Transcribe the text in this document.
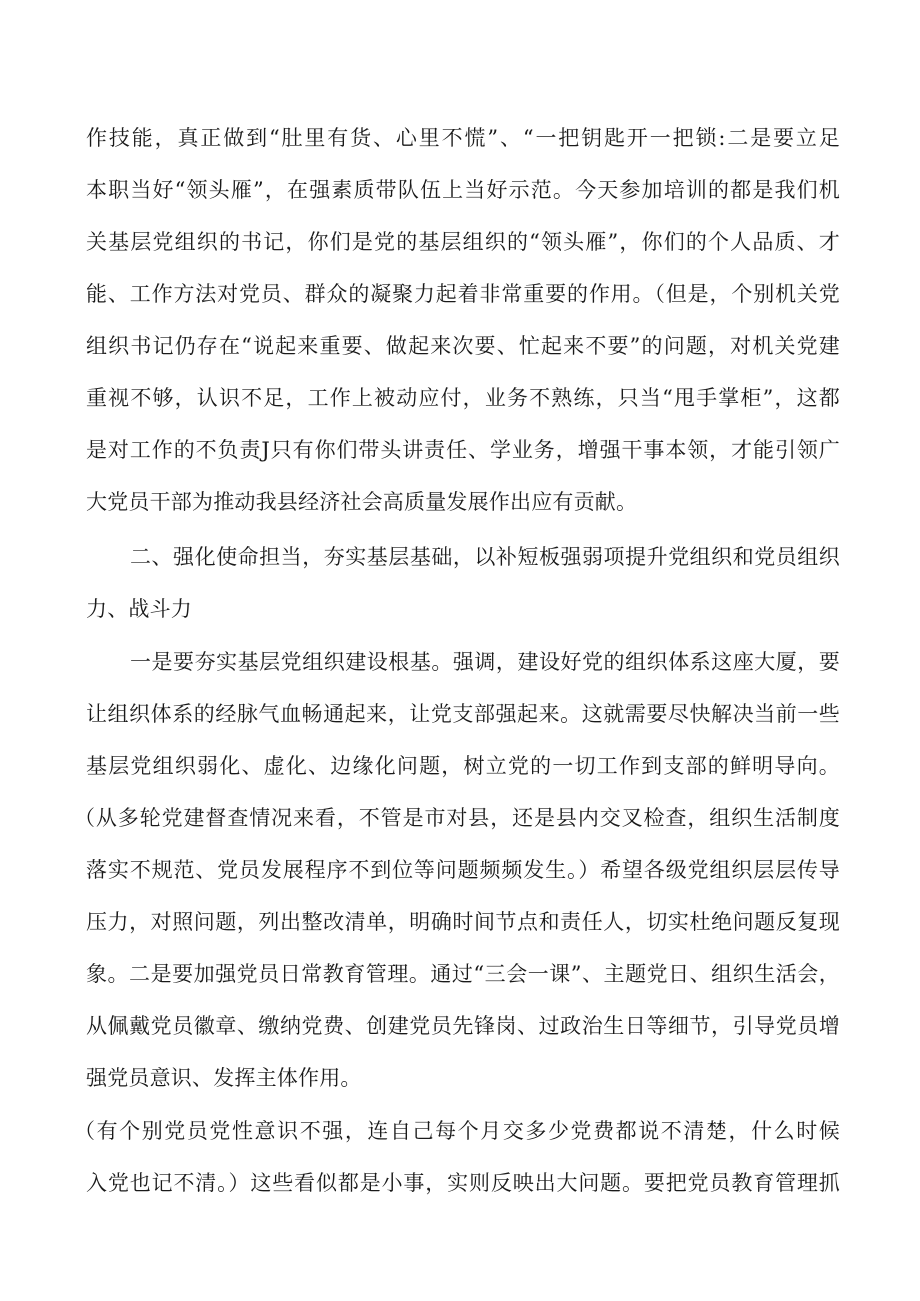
作技能，真正做到“肚里有货、心里不慌”、“一把钥匙开一把锁:二是要立足
本职当好“领头雁”，在强素质带队伍上当好示范。今天参加培训的都是我们机
关基层党组织的书记，你们是党的基层组织的“领头雁”，你们的个人品质、才
能、工作方法对党员、群众的凝聚力起着非常重要的作用。（但是，个别机关党
组织书记仍存在“说起来重要、做起来次要、忙起来不要”的问题，对机关党建
重视不够，认识不足，工作上被动应付，业务不熟练，只当“甩手掌柜”，这都
是对工作的不负责J只有你们带头讲责任、学业务，增强干事本领，才能引领广
大党员干部为推动我县经济社会高质量发展作出应有贡献。
二、强化使命担当，夯实基层基础，以补短板强弱项提升党组织和党员组织
力、战斗力
一是要夯实基层党组织建设根基。强调，建设好党的组织体系这座大厦，要
让组织体系的经脉气血畅通起来，让党支部强起来。这就需要尽快解决当前一些
基层党组织弱化、虚化、边缘化问题，树立党的一切工作到支部的鲜明导向。
（从多轮党建督查情况来看，不管是市对县，还是县内交叉检查，组织生活制度
落实不规范、党员发展程序不到位等问题频频发生。）希望各级党组织层层传导
压力，对照问题，列出整改清单，明确时间节点和责任人，切实杜绝问题反复现
象。二是要加强党员日常教育管理。通过“三会一课”、主题党日、组织生活会，
从佩戴党员徽章、缴纳党费、创建党员先锋岗、过政治生日等细节，引导党员增
强党员意识、发挥主体作用。
（有个别党员党性意识不强，连自己每个月交多少党费都说不清楚，什么时候
入党也记不清。）这些看似都是小事，实则反映出大问题。要把党员教育管理抓
